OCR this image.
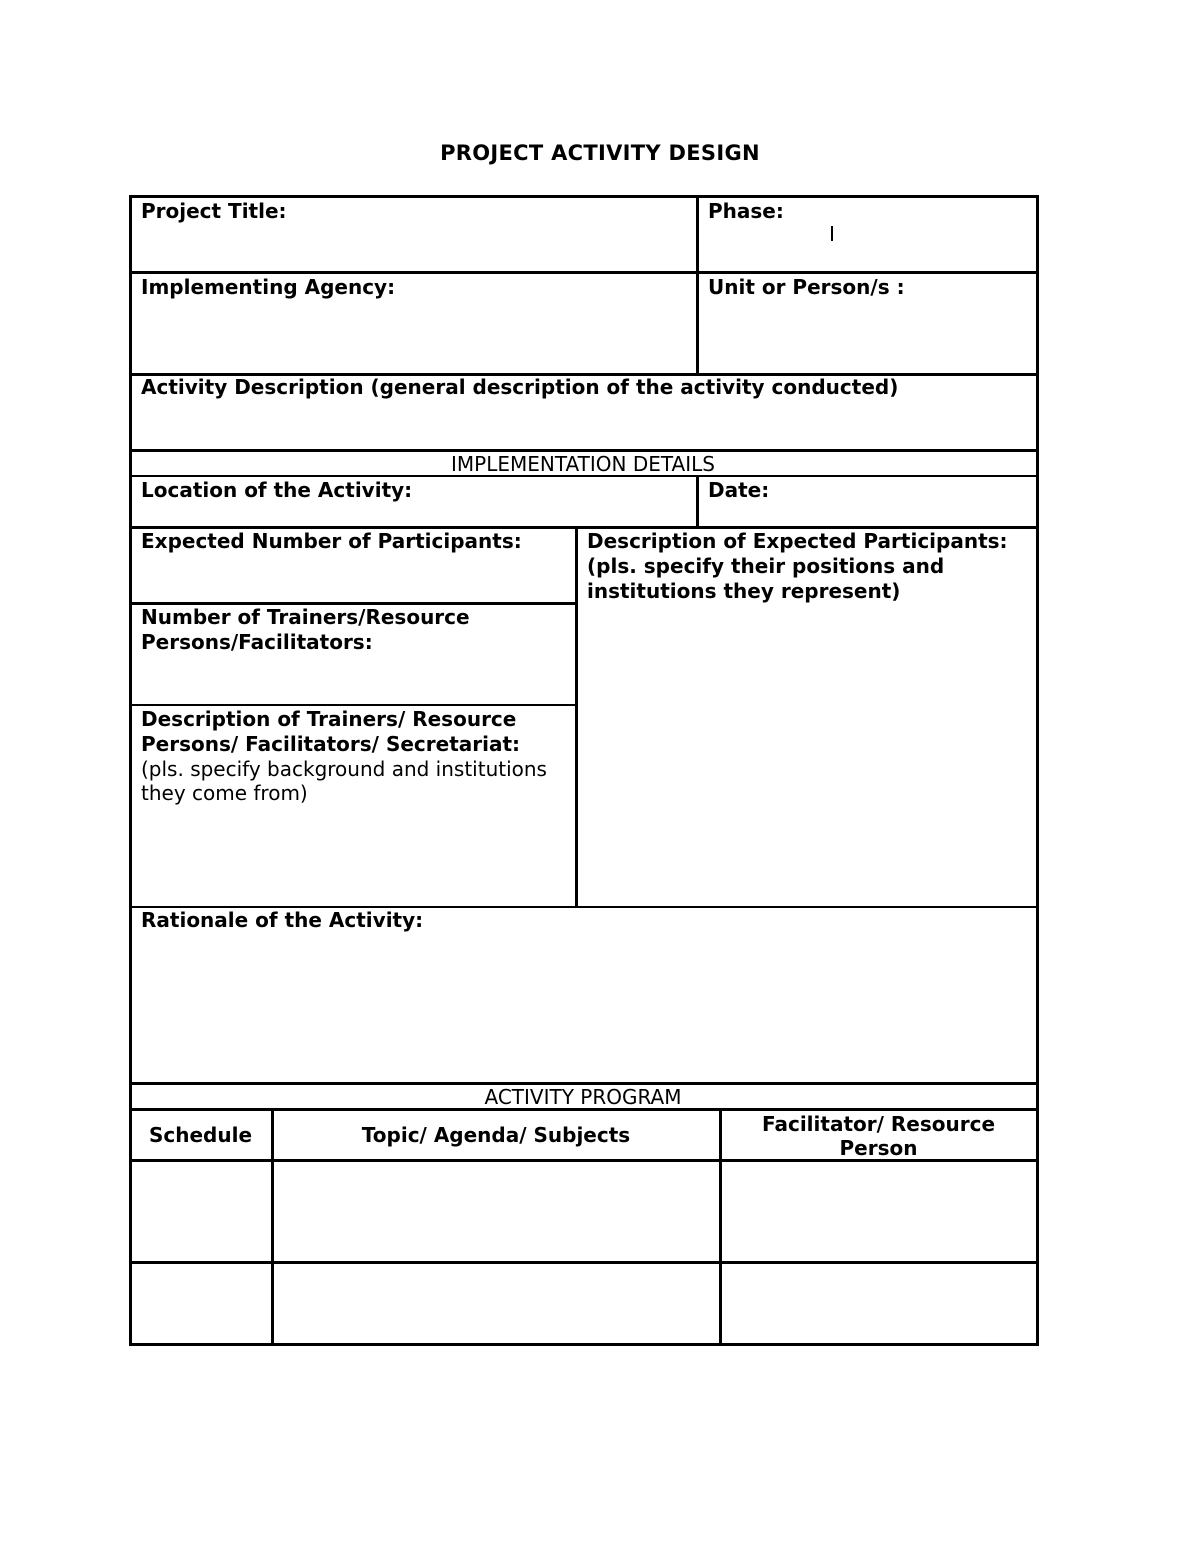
PROJECT ACTIVITY DESIGN
Project Title:	Phase:
Implementing Agency:	Unit or Person/s :
Activity Description (general description of the activity conducted)
IMPLEMENTATION DETAILS
Location of the Activity:	Date:
Expected Number of Participants:	Description of Expected Participants:
(pls. specify their positions and institutions they represent)
Number of Trainers/Resource Persons/Facilitators:
Description of Trainers/ Resource Persons/ Facilitators/ Secretariat:
(pls. specify background and institutions they come from)
Rationale of the Activity:
ACTIVITY PROGRAM
Schedule	Topic/ Agenda/ Subjects	Facilitator/ Resource Person
